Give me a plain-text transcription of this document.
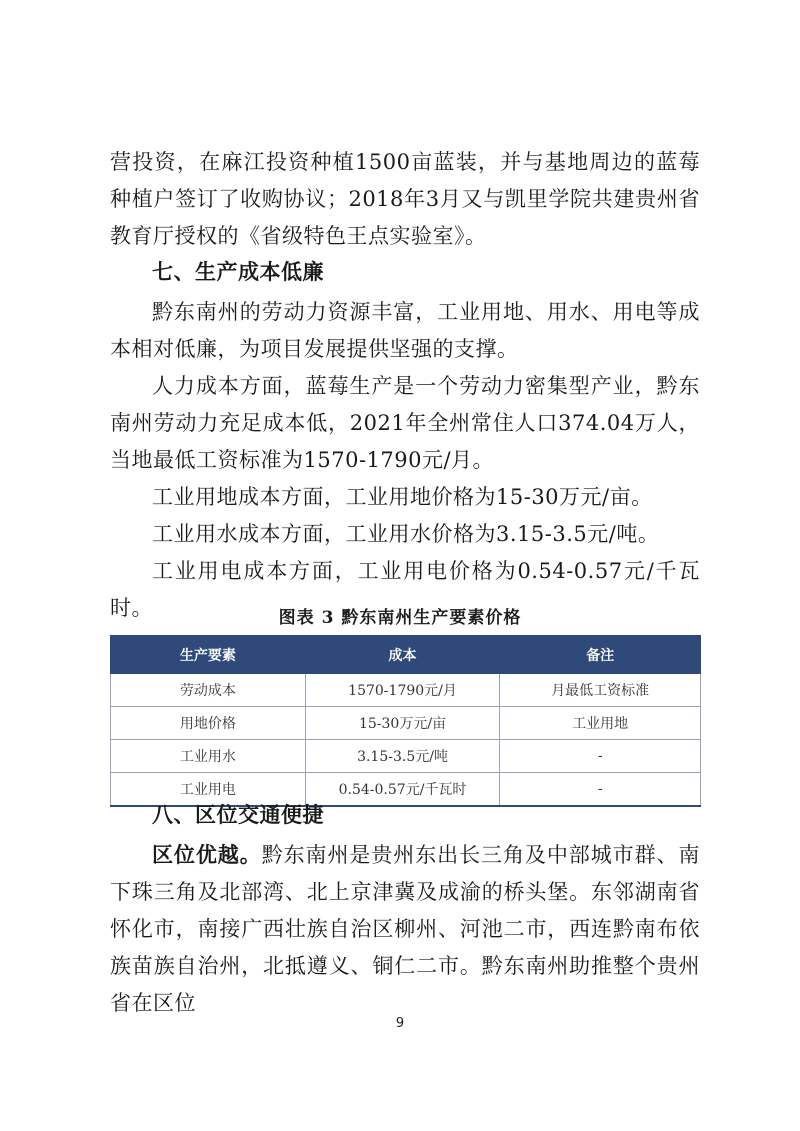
营投资，在麻江投资种植1500亩蓝装，并与基地周边的蓝莓种植户签订了收购协议；2018年3月又与凯里学院共建贵州省教育厅授权的《省级特色王点实验室》。

七、生产成本低廉

黔东南州的劳动力资源丰富，工业用地、用水、用电等成本相对低廉，为项目发展提供坚强的支撑。

人力成本方面，蓝莓生产是一个劳动力密集型产业，黔东南州劳动力充足成本低，2021年全州常住人口374.04万人，当地最低工资标准为1570-1790元/月。

工业用地成本方面，工业用地价格为15-30万元/亩。

工业用水成本方面，工业用水价格为3.15-3.5元/吨。

工业用电成本方面，工业用电价格为0.54-0.57元/千瓦时。	图表 3 黔东南州生产要素价格
生产要素	成本	备注
劳动成本	1570-1790元/月	月最低工资标准
用地价格	15-30万元/亩	工业用地
工业用水	3.15-3.5元/吨	-
工业用电	0.54-0.57元/千瓦时	-
八、区位交通便捷

区位优越。黔东南州是贵州东出长三角及中部城市群、南下珠三角及北部湾、北上京津冀及成渝的桥头堡。东邻湖南省怀化市，南接广西壮族自治区柳州、河池二市，西连黔南布依族苗族自治州，北抵遵义、铜仁二市。黔东南州助推整个贵州省在区位

9
